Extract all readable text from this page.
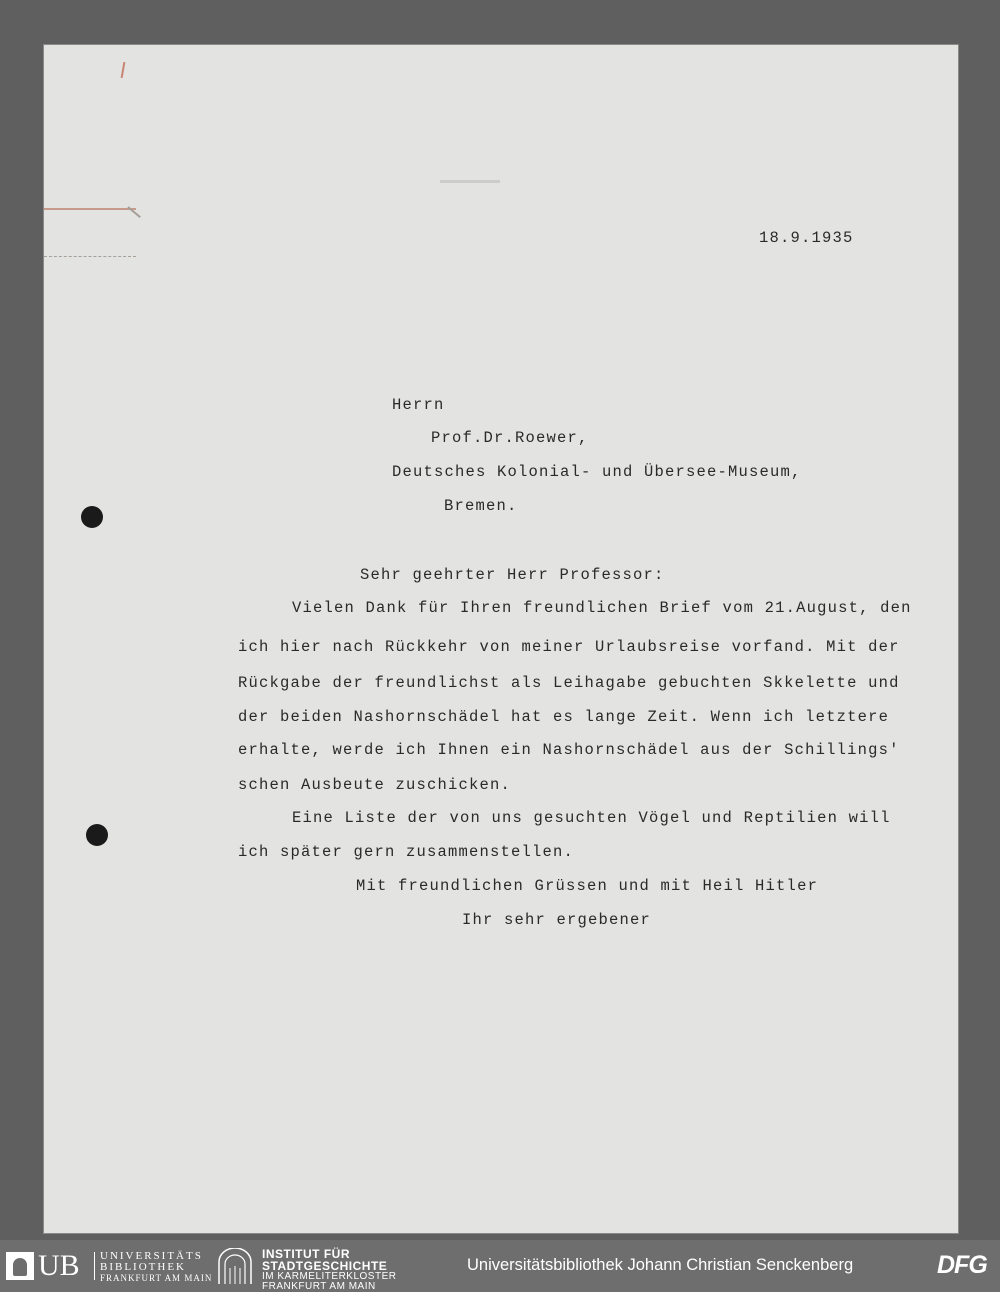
18.9.1935
Herrn
Prof.Dr.Roewer,
Deutsches Kolonial- und Übersee-Museum,
Bremen.
Sehr geehrter Herr Professor:
Vielen Dank für Ihren freundlichen Brief vom 21.August, den
ich hier nach Rückkehr von meiner Urlaubsreise vorfand. Mit der
Rückgabe der freundlichst als Leihagabe gebuchten Skkelette und
der beiden Nashornschädel hat es lange Zeit. Wenn ich letztere
erhalte, werde ich Ihnen ein Nashornschädel aus der Schillings'
schen Ausbeute zuschicken.
Eine Liste der von uns gesuchten Vögel und Reptilien will
ich später gern zusammenstellen.
Mit freundlichen Grüssen und mit Heil Hitler
Ihr sehr ergebener
UB UNIVERSITÄTS
BIBLIOTHEK
FRANKFURT AM MAIN
INSTITUT FÜR
STADTGESCHICHTE
IM KARMELITERKLOSTER
FRANKFURT AM MAIN
Universitätsbibliothek Johann Christian Senckenberg	DFG
